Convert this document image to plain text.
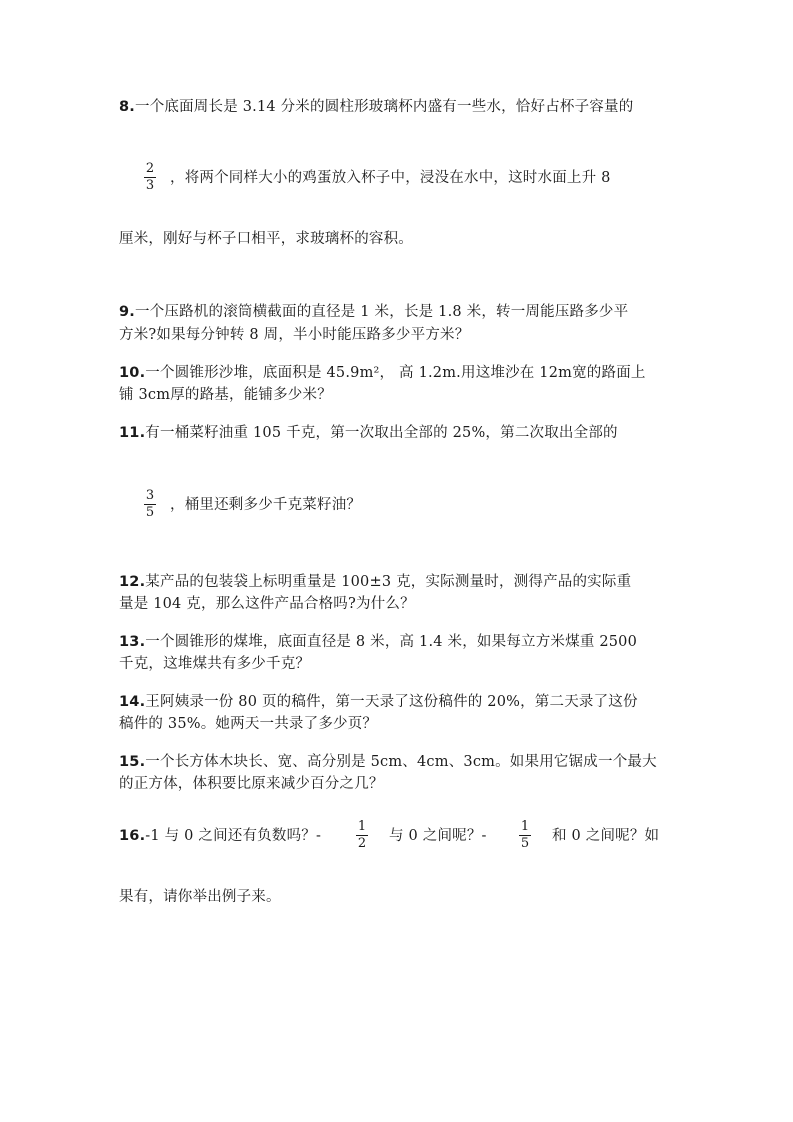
8.一个底面周长是 3.14 分米的圆柱形玻璃杯内盛有一些水，恰好占杯子容量的
2
3 ，将两个同样大小的鸡蛋放入杯子中，浸没在水中，这时水面上升 8
厘米，刚好与杯子口相平，求玻璃杯的容积。
9.一个压路机的滚筒横截面的直径是 1 米，长是 1.8 米，转一周能压路多少平
方米?如果每分钟转 8 周，半小时能压路多少平方米？
10.一个圆锥形沙堆，底面积是 45.9m²， 高 1.2m.用这堆沙在 12m宽的路面上
铺 3cm厚的路基，能铺多少米？
11.有一桶菜籽油重 105 千克，第一次取出全部的 25%，第二次取出全部的
3
5 ，桶里还剩多少千克菜籽油？
12.某产品的包装袋上标明重量是 100±3 克，实际测量时，测得产品的实际重
量是 104 克，那么这件产品合格吗?为什么？
13.一个圆锥形的煤堆，底面直径是 8 米，高 1.4 米，如果每立方米煤重 2500
千克，这堆煤共有多少千克？
14.王阿姨录一份 80 页的稿件，第一天录了这份稿件的 20%，第二天录了这份
稿件的 35%。她两天一共录了多少页？
15.一个长方体木块长、宽、高分别是 5cm、4cm、3cm。如果用它锯成一个最大
的正方体，体积要比原来减少百分之几？
16.-1 与 0 之间还有负数吗？-
1
2 与 0 之间呢？-
1
5 和 0 之间呢？如
果有，请你举出例子来。
